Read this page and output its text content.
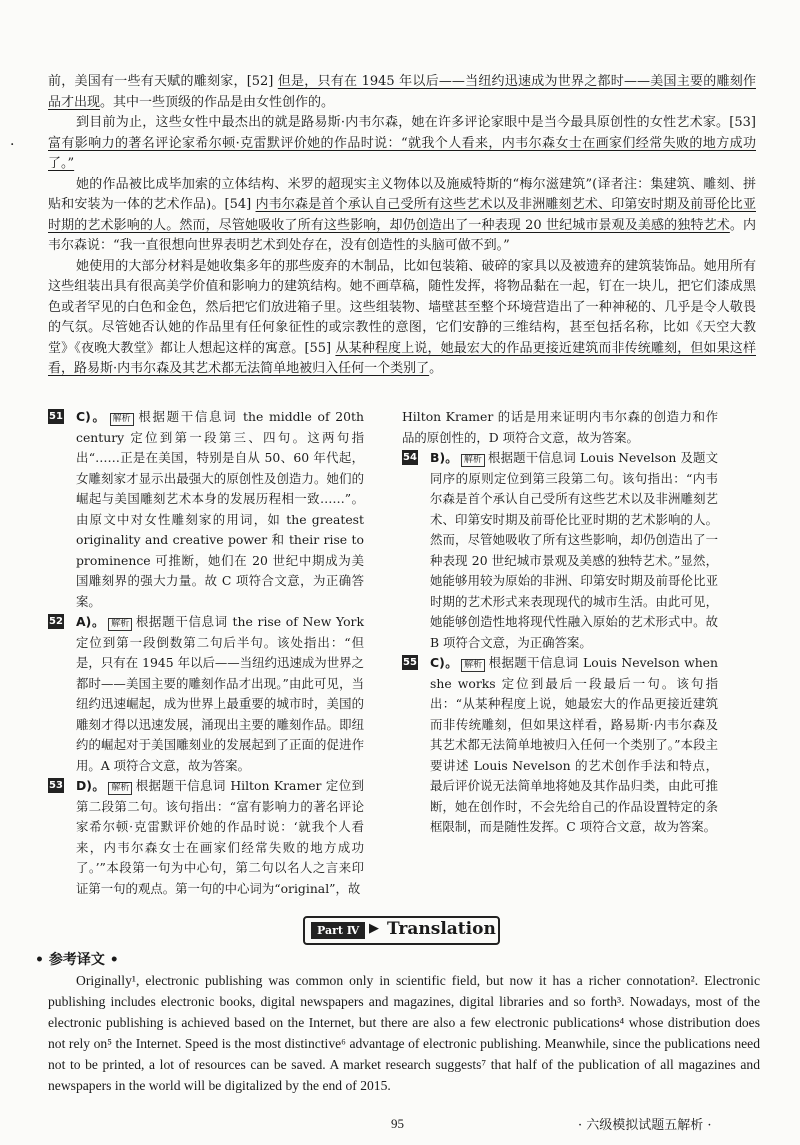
前，美国有一些有天赋的雕刻家，[52] 但是，只有在 1945 年以后——当纽约迅速成为世界之都时——美国主要的雕刻作品才出现。其中一些顶级的作品是由女性创作的。

到目前为止，这些女性中最杰出的就是路易斯·内韦尔森，她在许多评论家眼中是当今最具原创性的女性艺术家。[53] 富有影响力的著名评论家希尔顿·克雷默评价她的作品时说：“就我个人看来，内韦尔森女士在画家们经常失败的地方成功了。”

她的作品被比成毕加索的立体结构、米罗的超现实主义物体以及施威特斯的“梅尔滋建筑”(译者注：集建筑、雕刻、拼贴和安装为一体的艺术作品)。[54] 内韦尔森是首个承认自己受所有这些艺术以及非洲雕刻艺术、印第安时期及前哥伦比亚时期的艺术影响的人。然而，尽管她吸收了所有这些影响，却仍创造出了一种表现 20 世纪城市景观及美感的独特艺术。内韦尔森说：“我一直很想向世界表明艺术到处存在，没有创造性的头脑可做不到。”

她使用的大部分材料是她收集多年的那些废弃的木制品，比如包装箱、破碎的家具以及被遗弃的建筑装饰品。她用所有这些组装出具有很高美学价值和影响力的建筑结构。她不画草稿，随性发挥，将物品黏在一起，钉在一块儿，把它们漆成黑色或者罕见的白色和金色，然后把它们放进箱子里。这些组装物、墙壁甚至整个环境营造出了一种神秘的、几乎是令人敬畏的气氛。尽管她否认她的作品里有任何象征性的或宗教性的意图，它们安静的三维结构，甚至包括名称，比如《天空大教堂》《夜晚大教堂》都让人想起这样的寓意。[55] 从某种程度上说，她最宏大的作品更接近建筑而非传统雕刻，但如果这样看，路易斯·内韦尔森及其艺术都无法简单地被归入任何一个类别了。

·

51 C)。 解析 根据题干信息词 the middle of 20th century 定位到第一段第三、四句。这两句指出“……正是在美国，特别是自从 50、60 年代起，女雕刻家才显示出最强大的原创性及创造力。她们的崛起与美国雕刻艺术本身的发展历程相一致……”。由原文中对女性雕刻家的用词，如 the greatest originality and creative power 和 their rise to prominence 可推断，她们在 20 世纪中期成为美国雕刻界的强大力量。故 C 项符合文意，为正确答案。

52 A)。 解析 根据题干信息词 the rise of New York 定位到第一段倒数第二句后半句。该处指出：“但是，只有在 1945 年以后——当纽约迅速成为世界之都时——美国主要的雕刻作品才出现。”由此可见，当纽约迅速崛起，成为世界上最重要的城市时，美国的雕刻才得以迅速发展，涌现出主要的雕刻作品。即纽约的崛起对于美国雕刻业的发展起到了正面的促进作用。A 项符合文意，故为答案。

53 D)。 解析 根据题干信息词 Hilton Kramer 定位到第二段第二句。该句指出：“富有影响力的著名评论家希尔顿·克雷默评价她的作品时说：‘就我个人看来，内韦尔森女士在画家们经常失败的地方成功了。’”本段第一句为中心句，第二句以名人之言来印证第一句的观点。第一句的中心词为“original”，故

Hilton Kramer 的话是用来证明内韦尔森的创造力和作品的原创性的，D 项符合文意，故为答案。

54 B)。 解析 根据题干信息词 Louis Nevelson 及题文同序的原则定位到第三段第二句。该句指出：“内韦尔森是首个承认自己受所有这些艺术以及非洲雕刻艺术、印第安时期及前哥伦比亚时期的艺术影响的人。然而，尽管她吸收了所有这些影响，却仍创造出了一种表现 20 世纪城市景观及美感的独特艺术。”显然，她能够用较为原始的非洲、印第安时期及前哥伦比亚时期的艺术形式来表现现代的城市生活。由此可见，她能够创造性地将现代性融入原始的艺术形式中。故 B 项符合文意，为正确答案。

55 C)。 解析 根据题干信息词 Louis Nevelson when she works 定位到最后一段最后一句。该句指出：“从某种程度上说，她最宏大的作品更接近建筑而非传统雕刻，但如果这样看，路易斯·内韦尔森及其艺术都无法简单地被归入任何一个类别了。”本段主要讲述 Louis Nevelson 的艺术创作手法和特点，最后评价说无法简单地将她及其作品归类，由此可推断，她在创作时，不会先给自己的作品设置特定的条框限制，而是随性发挥。C 项符合文意，故为答案。

Part Ⅳ ▶ Translation
• 参考译文 •

Originally¹, electronic publishing was common only in scientific field, but now it has a richer connotation². Electronic publishing includes electronic books, digital newspapers and magazines, digital libraries and so forth³. Nowadays, most of the electronic publishing is achieved based on the Internet, but there are also a few electronic publications⁴ whose distribution does not rely on⁵ the Internet. Speed is the most distinctive⁶ advantage of electronic publishing. Meanwhile, since the publications need not to be printed, a lot of resources can be saved. A market research suggests⁷ that half of the publication of all magazines and newspapers in the world will be digitalized by the end of 2015.

95	· 六级模拟试题五解析 ·
